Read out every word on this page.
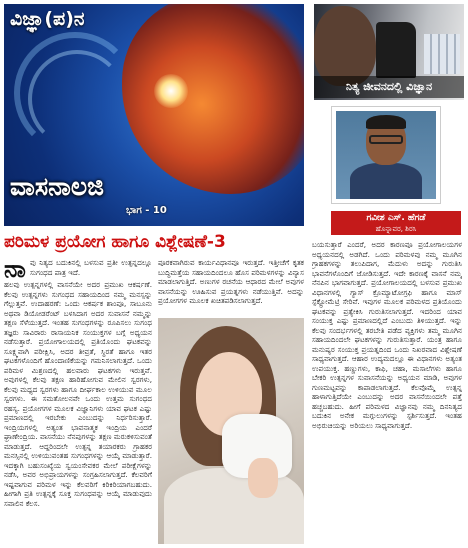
ವಿಜ್ಞಾ(ಪ)ನ
ವಾಸನಾಲಜಿ
ಭಾಗ - 10
ನಿತ್ಯ ಜೀವನದಲ್ಲಿ ವಿಜ್ಞಾನ
ಗವೀಶ ಎಸ್. ಹೆಗಡೆ
ಹೊನ್ನಾವರ, ಶಿರಸಿ
ಪರಿಮಳ ಪ್ರಯೋಗ ಹಾಗೂ ವಿಶ್ಲೇಷಣೆ-3
ನಾ ವು ನಿತ್ಯದ ಬದುಕಿನಲ್ಲಿ ಬಳಸುವ ಪ್ರತೀ ಉತ್ಪನ್ನದಲ್ಲೂ ಸುಗಂಧದ ಪಾತ್ರ ಇದೆ.

ಹಲವು ಉತ್ಪನ್ನಗಳಲ್ಲಿ ವಾಸನೆಯೇ ಅದರ ಪ್ರಮುಖ ಆಕರ್ಷಣೆ. ಕೆಲವು ಉತ್ಪನ್ನಗಳು ಸುಗಂಧದ ಸಹಾಯದಿಂದ ನಮ್ಮ ಮನಸ್ಸನ್ನು ಗೆಲ್ಲುತ್ತವೆ. ಉದಾಹರಣೆ: ಒಂದು ಆಕರ್ಷಕ ಶಾಂಪೂ, ಸಾಬೂನು ಅಥವಾ ಡಿಯೋಡರೆಂಟ್ ಬಳಸಿದಾಗ ಅದರ ಸುವಾಸನೆ ನಮ್ಮನ್ನು ತಕ್ಷಣ ಸೆಳೆಯುತ್ತದೆ. ಇಂತಹ ಸುಗಂಧಗಳನ್ನು ರೂಪಿಸಲು ಸುಗಂಧ ತಜ್ಞರು ಸಾವಿರಾರು ರಾಸಾಯನಿಕ ಸಂಯುಕ್ತಗಳ ಬಗ್ಗೆ ಅಧ್ಯಯನ ನಡೆಸುತ್ತಾರೆ. ಪ್ರಯೋಗಾಲಯದಲ್ಲಿ ಪ್ರತಿಯೊಂದು ಘಟಕವನ್ನು ಸೂಕ್ಷ್ಮವಾಗಿ ಪರೀಕ್ಷಿಸಿ, ಅದರ ತೀವ್ರತೆ, ಸ್ಥಿರತೆ ಹಾಗೂ ಇತರ ಘಟಕಗಳೊಂದಿಗೆ ಹೊಂದಾಣಿಕೆಯನ್ನು ಗಮನಿಸಲಾಗುತ್ತದೆ. ಒಂದು ಪರಿಮಳ ಮಿಶ್ರಣದಲ್ಲಿ ಹಲವಾರು ಘಟಕಗಳು ಇರುತ್ತವೆ. ಅವುಗಳಲ್ಲಿ ಕೆಲವು ತಕ್ಷಣ ಹಾರಿಹೋಗುವ ಮೇಲಿನ ಸ್ವರಗಳು, ಕೆಲವು ಮಧ್ಯದ ಸ್ವರಗಳು ಹಾಗೂ ದೀರ್ಘಕಾಲ ಉಳಿಯುವ ಮೂಲ ಸ್ವರಗಳು. ಈ ಸಮತೋಲನವೇ ಒಂದು ಉತ್ತಮ ಸುಗಂಧದ ರಹಸ್ಯ. ಪ್ರಯೋಗಗಳ ಮೂಲಕ ವಿಜ್ಞಾನಿಗಳು ಯಾವ ಘಟಕ ಎಷ್ಟು ಪ್ರಮಾಣದಲ್ಲಿ ಇರಬೇಕು ಎಂಬುದನ್ನು ನಿರ್ಧರಿಸುತ್ತಾರೆ. ಇಂದ್ರಿಯಗಳಲ್ಲಿ ಅತ್ಯಂತ ಭಾವನಾತ್ಮಕ ಇಂದ್ರಿಯ ಎಂದರೆ ಘ್ರಾಣೇಂದ್ರಿಯ. ವಾಸನೆಯು ನೆನಪುಗಳನ್ನು ತಕ್ಷಣ ಮರುಕಳಿಸುವಂತೆ ಮಾಡುತ್ತದೆ. ಆದ್ದರಿಂದಲೇ ಉತ್ಪನ್ನ ತಯಾರಕರು ಗ್ರಾಹಕರ ಮನಸ್ಸಿನಲ್ಲಿ ಉಳಿಯುವಂತಹ ಸುಗಂಧಗಳನ್ನು ಆಯ್ಕೆ ಮಾಡುತ್ತಾರೆ. ಇದಕ್ಕಾಗಿ ಬಹುಸಂಖ್ಯೆಯ ಸ್ವಯಂಸೇವಕರ ಮೇಲೆ ಪರೀಕ್ಷೆಗಳನ್ನು ನಡೆಸಿ, ಅವರ ಅಭಿಪ್ರಾಯಗಳನ್ನು ಸಂಗ್ರಹಿಸಲಾಗುತ್ತದೆ. ಕೆಲವರಿಗೆ ಇಷ್ಟವಾಗುವ ಪರಿಮಳ ಇನ್ನು ಕೆಲವರಿಗೆ ಕಿರಿಕಿರಿಯಾಗಬಹುದು. ಹೀಗಾಗಿ ಪ್ರತಿ ಉತ್ಪನ್ನಕ್ಕೆ ಸೂಕ್ತ ಸುಗಂಧವನ್ನು ಆಯ್ಕೆ ಮಾಡುವುದು ಸವಾಲಿನ ಕೆಲಸ.

ಪೂರಕವಾಗಿರುವ ಕಾರ್ಯವಿಧಾನವೂ ಇರುತ್ತದೆ. ಇತ್ತೀಚೆಗೆ ಕೃತಕ ಬುದ್ಧಿಮತ್ತೆಯ ಸಹಾಯದಿಂದಲೂ ಹೊಸ ಪರಿಮಳಗಳನ್ನು ವಿನ್ಯಾಸ ಮಾಡಲಾಗುತ್ತಿದೆ. ಅಣುಗಳ ರಚನೆಯ ಆಧಾರದ ಮೇಲೆ ಅವುಗಳ ವಾಸನೆಯನ್ನು ಊಹಿಸುವ ಪ್ರಯತ್ನಗಳು ನಡೆಯುತ್ತಿವೆ. ಅದನ್ನು ಪ್ರಯೋಗಗಳ ಮೂಲಕ ಖಚಿತಪಡಿಸಲಾಗುತ್ತದೆ.

ಬಯಸುತ್ತಾರೆ ಎಂದರೆ, ಅದರ ಕಾರಣವೂ ಪ್ರಯೋಗಾಲಯಗಳ ಅಧ್ಯಯನದಲ್ಲಿ ಅಡಗಿದೆ. ಒಂದು ಪರಿಮಳವು ನಮ್ಮ ಮೂಗಿನ ಗ್ರಾಹಕಗಳನ್ನು ತಲುಪಿದಾಗ, ಮೆದುಳು ಅದನ್ನು ಗುರುತಿಸಿ ಭಾವನೆಗಳೊಂದಿಗೆ ಜೋಡಿಸುತ್ತದೆ. ಇದೇ ಕಾರಣಕ್ಕೆ ವಾಸನೆ ನಮ್ಮ ನೆನಪಿನ ಭಾಗವಾಗುತ್ತದೆ. ಪ್ರಯೋಗಾಲಯದಲ್ಲಿ ಬಳಸುವ ಪ್ರಮುಖ ವಿಧಾನಗಳಲ್ಲಿ ಗ್ಯಾಸ್ ಕ್ರೊಮ್ಯಾಟೋಗ್ರಫಿ ಹಾಗೂ ಮಾಸ್ ಸ್ಪೆಕ್ಟ್ರೋಮೆಟ್ರಿ ಸೇರಿವೆ. ಇವುಗಳ ಮೂಲಕ ಪರಿಮಳದ ಪ್ರತಿಯೊಂದು ಘಟಕವನ್ನು ಪ್ರತ್ಯೇಕಿಸಿ ಗುರುತಿಸಲಾಗುತ್ತದೆ. ಇದರಿಂದ ಯಾವ ಸಂಯುಕ್ತ ಎಷ್ಟು ಪ್ರಮಾಣದಲ್ಲಿದೆ ಎಂಬುದು ತಿಳಿಯುತ್ತದೆ. ಇನ್ನು ಕೆಲವು ಸಂದರ್ಭಗಳಲ್ಲಿ ತರಬೇತಿ ಪಡೆದ ವ್ಯಕ್ತಿಗಳು ತಮ್ಮ ಮೂಗಿನ ಸಹಾಯದಿಂದಲೇ ಘಟಕಗಳನ್ನು ಗುರುತಿಸುತ್ತಾರೆ. ಯಂತ್ರ ಹಾಗೂ ಮನುಷ್ಯರ ಸಂಯುಕ್ತ ಪ್ರಯತ್ನದಿಂದ ಒಂದು ನಿಖರವಾದ ವಿಶ್ಲೇಷಣೆ ಸಾಧ್ಯವಾಗುತ್ತದೆ. ಆಹಾರ ಉದ್ಯಮದಲ್ಲೂ ಈ ವಿಧಾನಗಳು ಅತ್ಯಂತ ಉಪಯುಕ್ತ. ಹಣ್ಣುಗಳು, ಕಾಫಿ, ಚಹಾ, ಮಸಾಲೆಗಳು ಹಾಗೂ ಬೇಕರಿ ಉತ್ಪನ್ನಗಳ ಸುವಾಸನೆಯನ್ನು ಅಧ್ಯಯನ ಮಾಡಿ, ಅವುಗಳ ಗುಣಮಟ್ಟವನ್ನು ಕಾಪಾಡಲಾಗುತ್ತದೆ. ಕೆಲವೊಮ್ಮೆ ಉತ್ಪನ್ನ ಹಾಳಾಗುತ್ತಿದೆಯೇ ಎಂಬುದನ್ನು ಅದರ ವಾಸನೆಯಿಂದಲೇ ಪತ್ತೆ ಹಚ್ಚಬಹುದು. ಹೀಗೆ ಪರಿಮಳದ ವಿಜ್ಞಾನವು ನಮ್ಮ ದಿನನಿತ್ಯದ ಬದುಕಿನ ಅನೇಕ ಮಗ್ಗುಲುಗಳನ್ನು ಸ್ಪರ್ಶಿಸುತ್ತದೆ. ಇಂತಹ ಅಭಿರುಚಿಯನ್ನು ಅರಿಯಲು ಸಾಧ್ಯವಾಗುತ್ತದೆ.
